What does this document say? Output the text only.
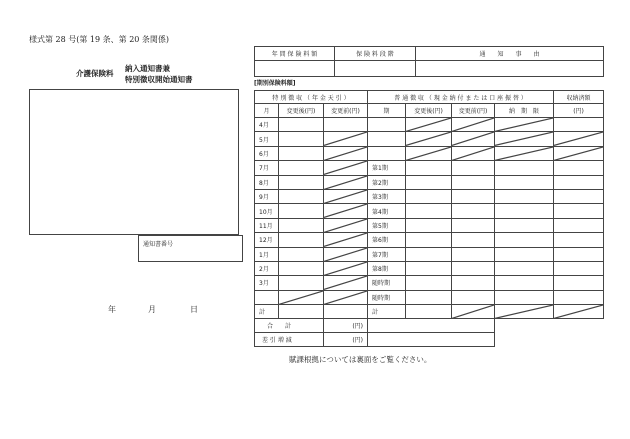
様式第 28 号(第 19 条、第 20 条関係)
介護保険料
納入通知書兼
特別徴収開始通知書
年 間 保 険 料 額	保 険 料 段 階	通　　知　　事　　由

[期別保険料額]
通知書番号
年	月	日
特 別 徴 収 （ 年 金 天 引 ）			普 通 徴 収 （ 現 金 納 付 ま た は 口 座 振 替 ）				収納済額
月	変更後(円)	変更前(円)	期	変更後(円)	変更前(円)	納　期　限	(円)
4月				

5月		

6月		

7月			第1期				
8月			第2期				
9月			第3期				
10月			第4期				
11月			第5期				
12月			第6期				
1月			第7期				
2月			第8期				
3月			随時期				

	随時期				
計			計		

合　　計		(円)					
差 引 増 減		(円)					
賦課根拠については裏面をご覧ください。
